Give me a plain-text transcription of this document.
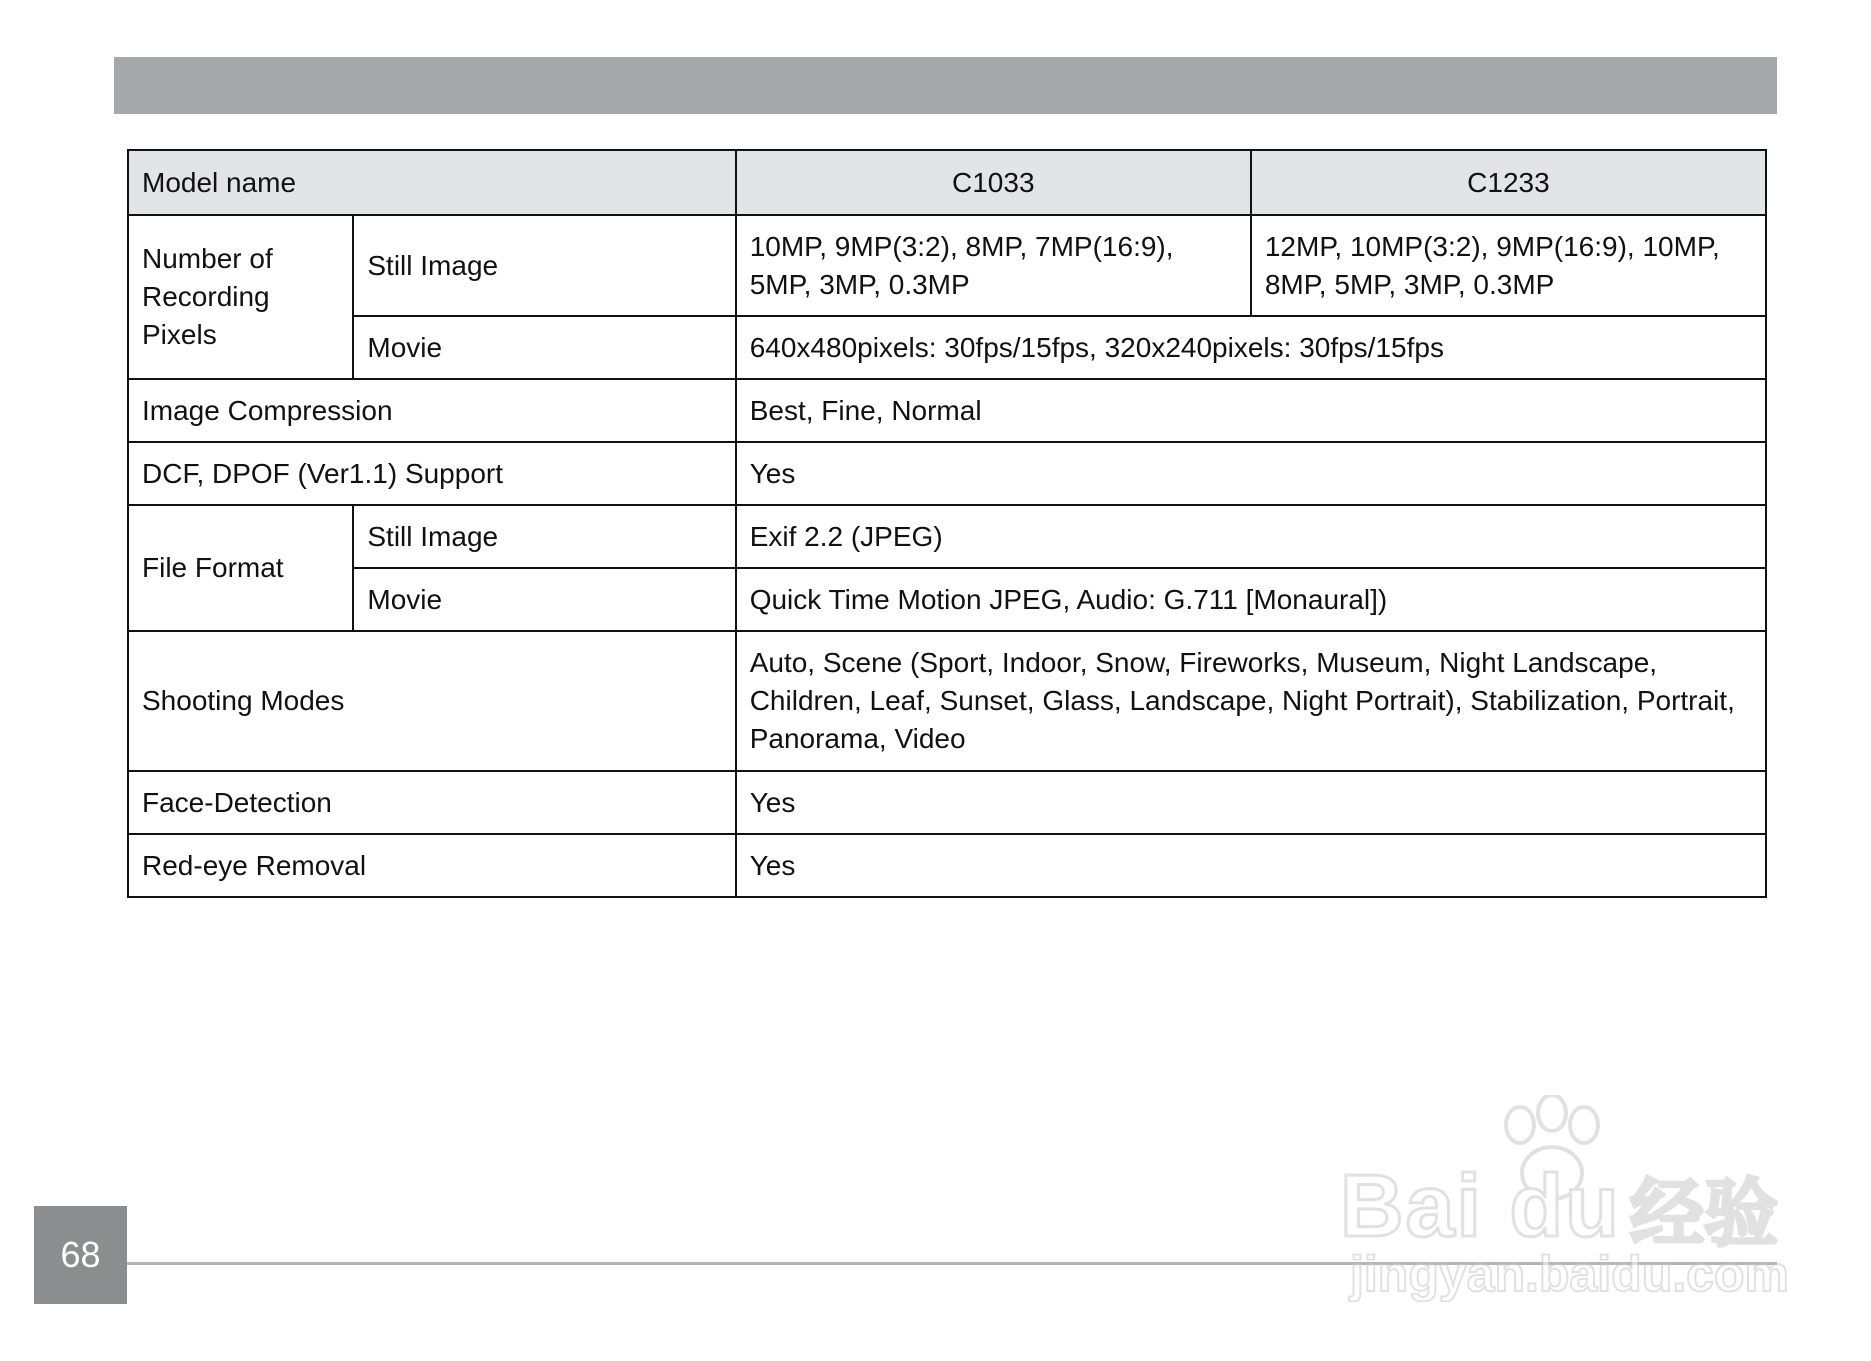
Model name		C1033	C1233
Number of Recording Pixels	Still Image	10MP, 9MP(3:2), 8MP, 7MP(16:9), 5MP, 3MP, 0.3MP	12MP, 10MP(3:2), 9MP(16:9), 10MP, 8MP, 5MP, 3MP, 0.3MP
	Movie	640x480pixels: 30fps/15fps, 320x240pixels: 30fps/15fps	
Image Compression		Best, Fine, Normal	
DCF, DPOF (Ver1.1) Support		Yes	
File Format	Still Image	Exif 2.2 (JPEG)	
	Movie	Quick Time Motion JPEG, Audio: G.711 [Monaural])	
Shooting Modes		Auto, Scene (Sport, Indoor, Snow, Fireworks, Museum, Night Landscape, Children, Leaf, Sunset, Glass, Landscape, Night Portrait), Stabilization, Portrait, Panorama, Video	
Face-Detection		Yes	
Red-eye Removal		Yes	
68	Bai du 经验
jingyan.baidu.com
